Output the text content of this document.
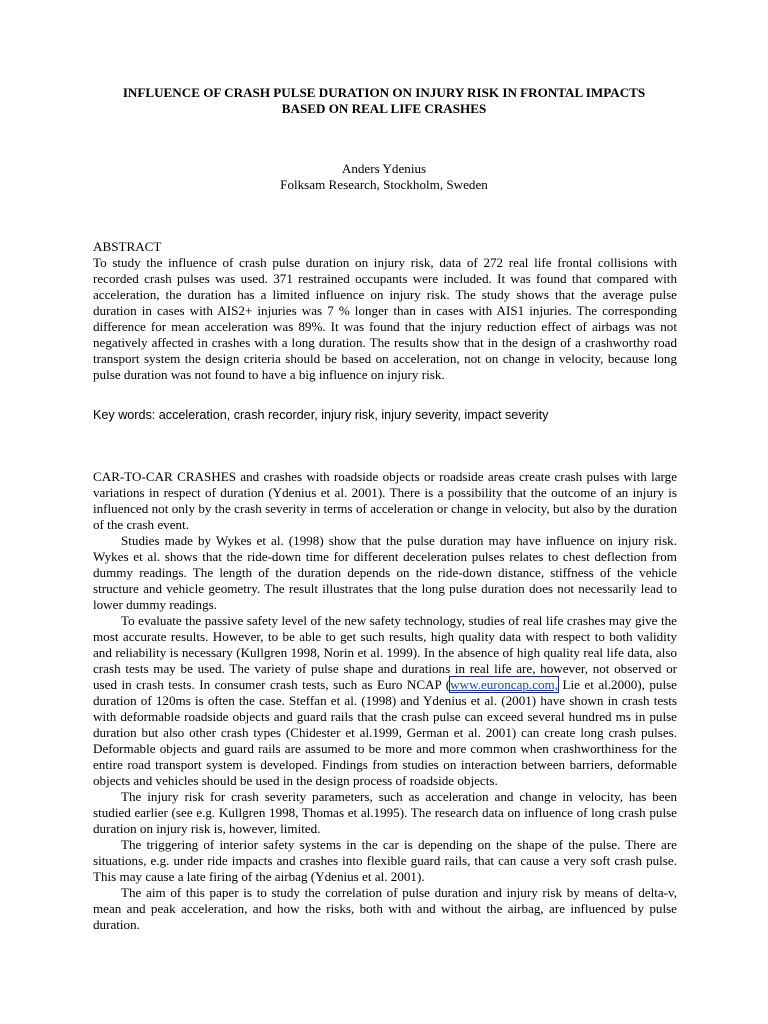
INFLUENCE OF CRASH PULSE DURATION ON INJURY RISK IN FRONTAL IMPACTS
BASED ON REAL LIFE CRASHES
Anders Ydenius
Folksam Research, Stockholm, Sweden
ABSTRACT

To study the influence of crash pulse duration on injury risk, data of 272 real life frontal collisions with recorded crash pulses was used. 371 restrained occupants were included. It was found that compared with acceleration, the duration has a limited influence on injury risk. The study shows that the average pulse duration in cases with AIS2+ injuries was 7 % longer than in cases with AIS1 injuries. The corresponding difference for mean acceleration was 89%. It was found that the injury reduction effect of airbags was not negatively affected in crashes with a long duration. The results show that in the design of a crashworthy road transport system the design criteria should be based on acceleration, not on change in velocity, because long pulse duration was not found to have a big influence on injury risk.

Key words: acceleration, crash recorder, injury risk, injury severity, impact severity

CAR-TO-CAR CRASHES and crashes with roadside objects or roadside areas create crash pulses with large variations in respect of duration (Ydenius et al. 2001). There is a possibility that the outcome of an injury is influenced not only by the crash severity in terms of acceleration or change in velocity, but also by the duration of the crash event.

Studies made by Wykes et al. (1998) show that the pulse duration may have influence on injury risk. Wykes et al. shows that the ride-down time for different deceleration pulses relates to chest deflection from dummy readings. The length of the duration depends on the ride-down distance, stiffness of the vehicle structure and vehicle geometry. The result illustrates that the long pulse duration does not necessarily lead to lower dummy readings.

To evaluate the passive safety level of the new safety technology, studies of real life crashes may give the most accurate results. However, to be able to get such results, high quality data with respect to both validity and reliability is necessary (Kullgren 1998, Norin et al. 1999). In the absence of high quality real life data, also crash tests may be used. The variety of pulse shape and durations in real life are, however, not observed or used in crash tests. In consumer crash tests, such as Euro NCAP (www.euroncap.com, Lie et al.2000), pulse duration of 120ms is often the case. Steffan et al. (1998) and Ydenius et al. (2001) have shown in crash tests with deformable roadside objects and guard rails that the crash pulse can exceed several hundred ms in pulse duration but also other crash types (Chidester et al.1999, German et al. 2001) can create long crash pulses. Deformable objects and guard rails are assumed to be more and more common when crashworthiness for the entire road transport system is developed. Findings from studies on interaction between barriers, deformable objects and vehicles should be used in the design process of roadside objects.

The injury risk for crash severity parameters, such as acceleration and change in velocity, has been studied earlier (see e.g. Kullgren 1998, Thomas et al.1995). The research data on influence of long crash pulse duration on injury risk is, however, limited.

The triggering of interior safety systems in the car is depending on the shape of the pulse. There are situations, e.g. under ride impacts and crashes into flexible guard rails, that can cause a very soft crash pulse. This may cause a late firing of the airbag (Ydenius et al. 2001).

The aim of this paper is to study the correlation of pulse duration and injury risk by means of delta-v, mean and peak acceleration, and how the risks, both with and without the airbag, are influenced by pulse duration.
